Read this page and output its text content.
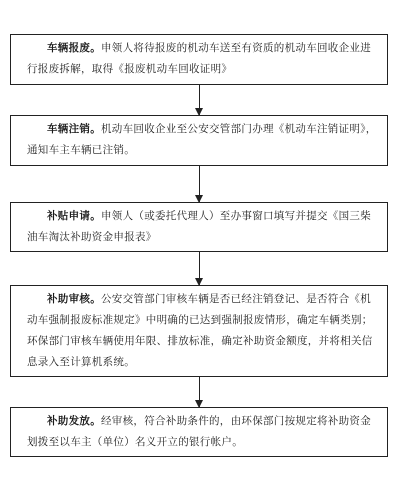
车辆报废。申领人将待报废的机动车送至有资质的机动车回收企业进行报废拆解，取得《报废机动车回收证明》
车辆注销。机动车回收企业至公安交管部门办理《机动车注销证明》，通知车主车辆已注销。
补贴申请。申领人（或委托代理人）至办事窗口填写并提交《国三柴油车淘汰补助资金申报表》
补助审核。公安交管部门审核车辆是否已经注销登记、是否符合《机动车强制报废标准规定》中明确的已达到强制报废情形，确定车辆类别；环保部门审核车辆使用年限、排放标准，确定补助资金额度，并将相关信息录入至计算机系统。
补助发放。经审核，符合补助条件的，由环保部门按规定将补助资金划拨至以车主（单位）名义开立的银行帐户。
